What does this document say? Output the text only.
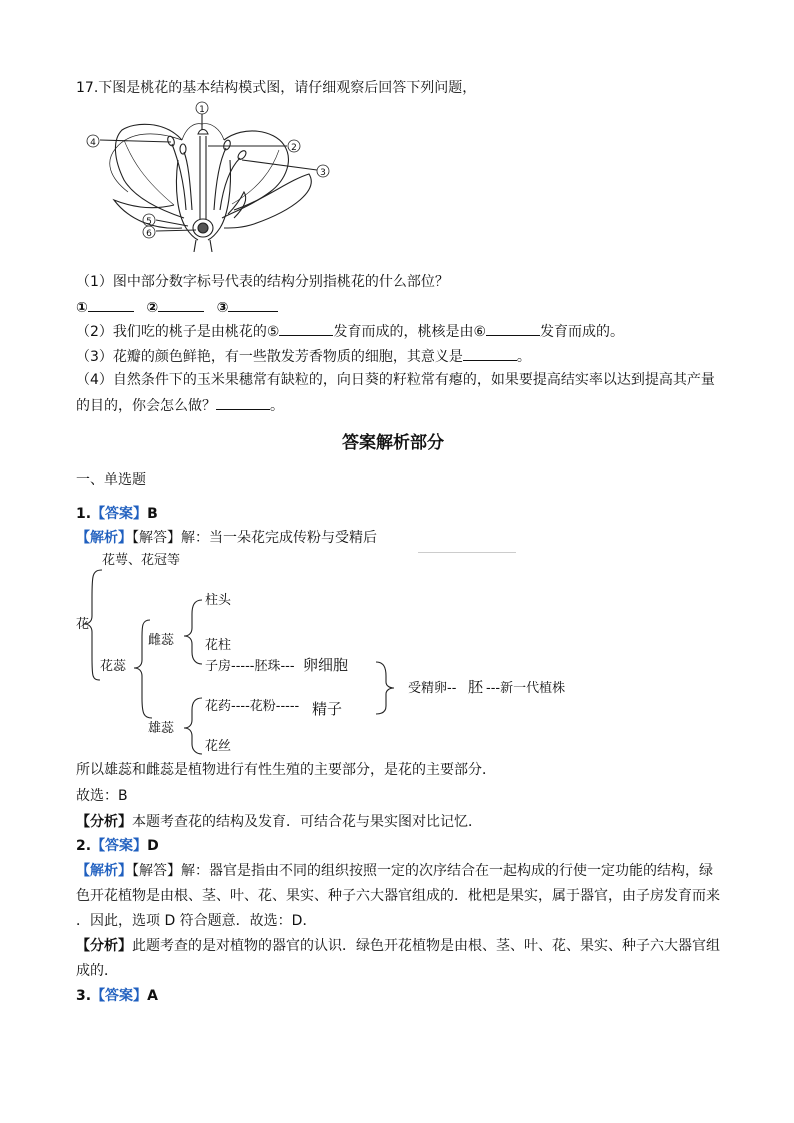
17.下图是桃花的基本结构模式图，请仔细观察后回答下列问题，
1
2
3
4
5
6
（1）图中部分数字标号代表的结构分别指桃花的什么部位？
①	②	③
（2）我们吃的桃子是由桃花的⑤	发育而成的，桃核是由⑥	发育而成的。
（3）花瓣的颜色鲜艳，有一些散发芳香物质的细胞，其意义是	。
（4）自然条件下的玉米果穗常有缺粒的，向日葵的籽粒常有瘪的，如果要提高结实率以达到提高其产量
的目的，你会怎么做？	。
答案解析部分
一、单选题
1.【答案】B
【解析】【解答】解：当一朵花完成传粉与受精后
花
花萼、花冠等
花蕊
雌蕊
柱头
花柱
子房-----胚珠--- 卵细胞
受精卵-- 胚 ---新一代植株
雄蕊
花药----花粉----- 精子
花丝
所以雄蕊和雌蕊是植物进行有性生殖的主要部分，是花的主要部分．
故选：B
【分析】本题考查花的结构及发育．可结合花与果实图对比记忆．
2.【答案】D
【解析】【解答】解：器官是指由不同的组织按照一定的次序结合在一起构成的行使一定功能的结构，绿
色开花植物是由根、茎、叶、花、果实、种子六大器官组成的．枇杷是果实，属于器官，由子房发育而来
．因此，选项 D 符合题意．故选：D．
【分析】此题考查的是对植物的器官的认识．绿色开花植物是由根、茎、叶、花、果实、种子六大器官组
成的．
3.【答案】A
